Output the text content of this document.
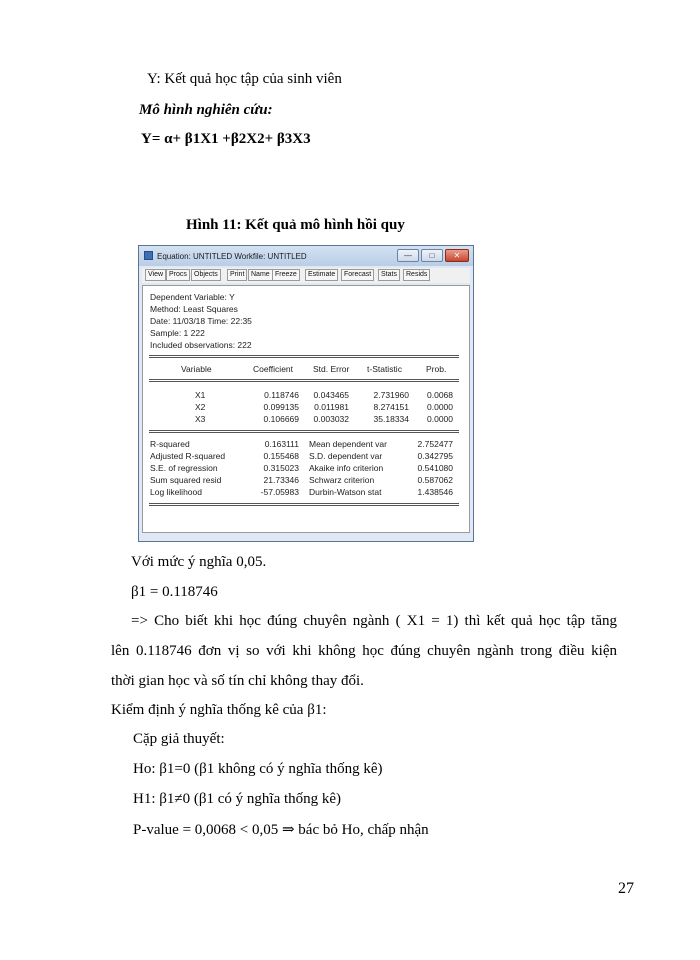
Y: Kết quả học tập của sinh viên
Mô hình nghiên cứu:
Y= α+ β1X1 +β2X2+ β3X3
Hình 11: Kết quả mô hình hồi quy
Equation: UNTITLED Workfile: UNTITLED	—	□	✕
View Procs	Objects	Print Name Freeze	Estimate	Forecast	Stats	Resids
Dependent Variable: Y
Method: Least Squares
Date: 11/03/18 Time: 22:35
Sample: 1 222
Included observations: 222
Variable	Coefficient Std. Error t-Statistic	Prob.
X1	0.118746	0.043465	2.731960	0.0068
X2	0.099135	0.011981	8.274151	0.0000
X3	0.106669	0.003032	35.18334	0.0000
R-squared	0.163111 Mean dependent var	2.752477
Adjusted R-squared	0.155468 S.D. dependent var	0.342795
S.E. of regression	0.315023 Akaike info criterion	0.541080
Sum squared resid	21.73346 Schwarz criterion	0.587062
Log likelihood	-57.05983 Durbin-Watson stat	1.438546
Với mức ý nghĩa 0,05.
β1 = 0.118746
=> Cho biết khi học đúng chuyên ngành ( X1 = 1) thì kết quả học tập tăng
lên 0.118746 đơn vị so với khi không học đúng chuyên ngành trong điều kiện
thời gian học và số tín chỉ không thay đổi.
Kiểm định ý nghĩa thống kê của β1:
Cặp giả thuyết:
Ho: β1=0 (β1 không có ý nghĩa thống kê)
H1: β1≠0 (β1 có ý nghĩa thống kê)
P-value = 0,0068 < 0,05 ⇒ bác bỏ Ho, chấp nhận
27
